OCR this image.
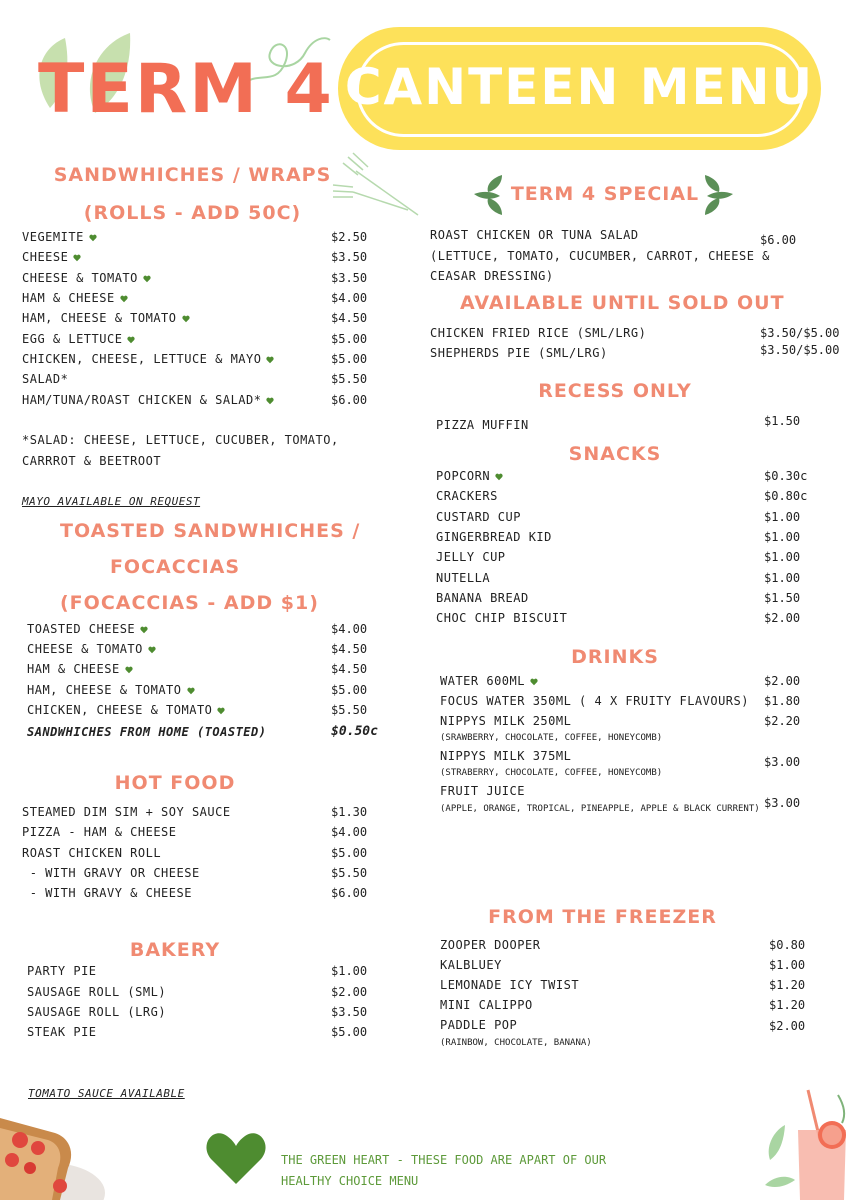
TERM 4 CANTEEN MENU
SANDWHICHES / WRAPS
(ROLLS - ADD 50C)
VEGEMITE	$2.50
CHEESE	$3.50
CHEESE & TOMATO	$3.50
HAM & CHEESE	$4.00
HAM, CHEESE & TOMATO	$4.50
EGG & LETTUCE	$5.00
CHICKEN, CHEESE, LETTUCE & MAYO	$5.00
SALAD*	$5.50
HAM/TUNA/ROAST CHICKEN & SALAD*	$6.00
*SALAD: CHEESE, LETTUCE, CUCUBER, TOMATO,
CARRROT & BEETROOT
MAYO AVAILABLE ON REQUEST
TOASTED SANDWHICHES /
FOCACCIAS
(FOCACCIAS - ADD $1)
TOASTED CHEESE	$4.00
CHEESE & TOMATO	$4.50
HAM & CHEESE	$4.50
HAM, CHEESE & TOMATO	$5.00
CHICKEN, CHEESE & TOMATO	$5.50
SANDWHICHES FROM HOME (TOASTED)	$0.50c
HOT FOOD
STEAMED DIM SIM + SOY SAUCE	$1.30
PIZZA - HAM & CHEESE	$4.00
ROAST CHICKEN ROLL	$5.00
- WITH GRAVY OR CHEESE	$5.50
- WITH GRAVY & CHEESE	$6.00
BAKERY
PARTY PIE	$1.00
SAUSAGE ROLL (SML)	$2.00
SAUSAGE ROLL (LRG)	$3.50
STEAK PIE	$5.00
TOMATO SAUCE AVAILABLE
TERM 4 SPECIAL
ROAST CHICKEN OR TUNA SALAD
(LETTUCE, TOMATO, CUCUMBER, CARROT, CHEESE &
CEASAR DRESSING)
$6.00
AVAILABLE UNTIL SOLD OUT
CHICKEN FRIED RICE (SML/LRG)	$3.50/$5.00
SHEPHERDS PIE (SML/LRG)	$3.50/$5.00
RECESS ONLY
PIZZA MUFFIN	$1.50
SNACKS
POPCORN	$0.30c
CRACKERS	$0.80c
CUSTARD CUP	$1.00
GINGERBREAD KID	$1.00
JELLY CUP	$1.00
NUTELLA	$1.00
BANANA BREAD	$1.50
CHOC CHIP BISCUIT	$2.00
DRINKS
WATER 600ML	$2.00
FOCUS WATER 350ML ( 4 X FRUITY FLAVOURS) $1.80
NIPPYS MILK 250ML
(SRAWBERRY, CHOCOLATE, COFFEE, HONEYCOMB)
$2.20
NIPPYS MILK 375ML
(STRABERRY, CHOCOLATE, COFFEE, HONEYCOMB)
$3.00
FRUIT JUICE
(APPLE, ORANGE, TROPICAL, PINEAPPLE, APPLE & BLACK CURRENT) $3.00
FROM THE FREEZER
ZOOPER DOOPER	$0.80
KALBLUEY	$1.00
LEMONADE ICY TWIST	$1.20
MINI CALIPPO	$1.20
PADDLE POP	$2.00
(RAINBOW, CHOCOLATE, BANANA)
THE GREEN HEART - THESE FOOD ARE APART OF OUR
HEALTHY CHOICE MENU
